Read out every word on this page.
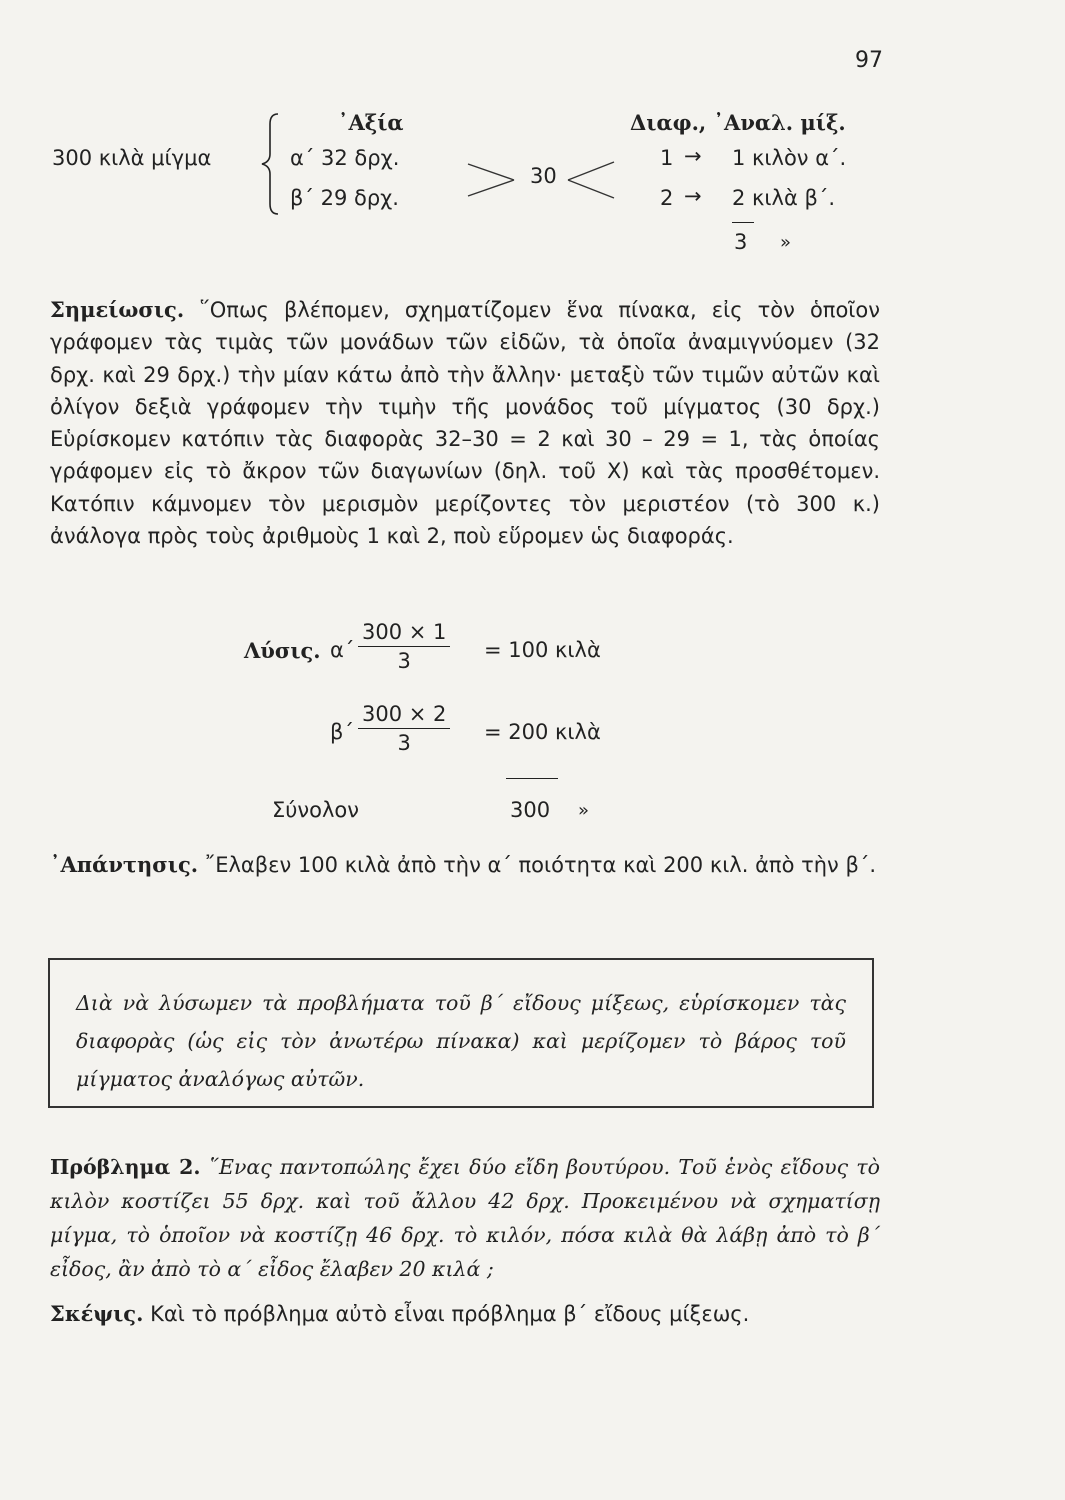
97
300 κιλὰ μίγμα
᾿Αξία	Διαφ., ᾿Αναλ. μίξ.
α΄ 32 δρχ.
β΄ 29 δρχ.
30
1 → 1 κιλὸν α΄.
2 → 2 κιλὰ β΄.
3 »
Σημείωσις. ῞Οπως βλέπομεν, σχηματίζομεν ἕνα πίνακα, εἰς τὸν ὁποῖον γράφομεν τὰς τιμὰς τῶν μονάδων τῶν εἰδῶν, τὰ ὁποῖα ἀναμιγνύομεν (32 δρχ. καὶ 29 δρχ.) τὴν μίαν κάτω ἀπὸ τὴν ἄλλην· μεταξὺ τῶν τιμῶν αὐτῶν καὶ ὀλίγον δεξιὰ γράφομεν τὴν τιμὴν τῆς μονάδος τοῦ μίγματος (30 δρχ.) Εὑρίσκομεν κατόπιν τὰς διαφορὰς 32–30 = 2 καὶ 30 – 29 = 1, τὰς ὁποίας γράφομεν εἰς τὸ ἄκρον τῶν διαγωνίων (δηλ. τοῦ Χ) καὶ τὰς προσθέτομεν. Κατόπιν κάμνομεν τὸν μερισμὸν μερίζοντες τὸν μεριστέον (τὸ 300 κ.) ἀνάλογα πρὸς τοὺς ἀριθμοὺς 1 καὶ 2, ποὺ εὕρομεν ὡς διαφοράς.
Λύσις. $\alpha΄ \frac{300 \times 1}{3} = 100$ κιλὰ
$\beta΄ \frac{300 \times 2}{3} = 200$ κιλὰ
Σύνολον	300 »
᾿Απάντησις. ῎Ελαβεν 100 κιλὰ ἀπὸ τὴν α΄ ποιότητα καὶ 200 κιλ. ἀπὸ τὴν β΄.
Διὰ νὰ λύσωμεν τὰ προβλήματα τοῦ β΄ εἴδους μίξεως, εὑρίσκομεν τὰς διαφορὰς (ὡς εἰς τὸν ἀνωτέρω πίνακα) καὶ μερίζομεν τὸ βάρος τοῦ μίγματος ἀναλόγως αὐτῶν.
Πρόβλημα 2. ῞Ενας παντοπώλης ἔχει δύο εἴδη βουτύρου. Τοῦ ἑνὸς εἴδους τὸ κιλὸν κοστίζει 55 δρχ. καὶ τοῦ ἄλλου 42 δρχ. Προκειμένου νὰ σχηματίσῃ μίγμα, τὸ ὁποῖον νὰ κοστίζῃ 46 δρχ. τὸ κιλόν, πόσα κιλὰ θὰ λάβῃ ἀπὸ τὸ β΄ εἶδος, ἂν ἀπὸ τὸ α΄ εἶδος ἔλαβεν 20 κιλά ;
Σκέψις. Καὶ τὸ πρόβλημα αὐτὸ εἶναι πρόβλημα β΄ εἴδους μίξεως.
